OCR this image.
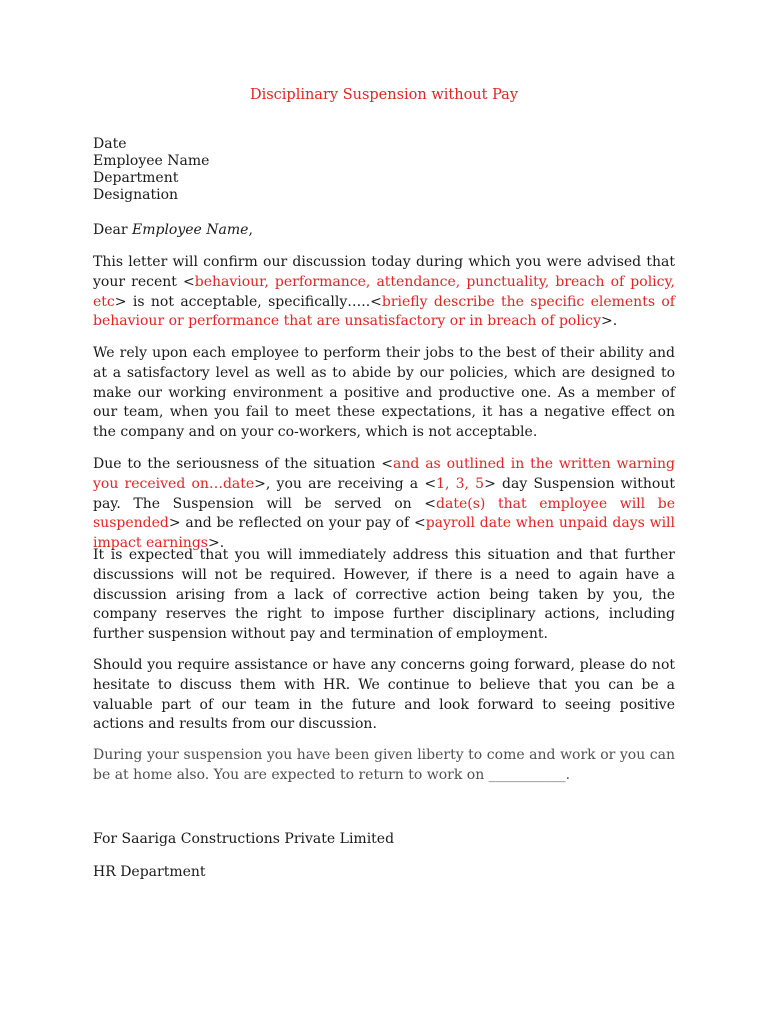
Disciplinary Suspension without Pay
Date
Employee Name
Department
Designation
Dear Employee Name,
This letter will confirm our discussion today during which you were advised that your recent <behaviour, performance, attendance, punctuality, breach of policy, etc> is not acceptable, specifically…..<briefly describe the specific elements of behaviour or performance that are unsatisfactory or in breach of policy>.
We rely upon each employee to perform their jobs to the best of their ability and at a satisfactory level as well as to abide by our policies, which are designed to make our working environment a positive and productive one. As a member of our team, when you fail to meet these expectations, it has a negative effect on the company and on your co-workers, which is not acceptable.
Due to the seriousness of the situation <and as outlined in the written warning you received on…date>, you are receiving a <1, 3, 5> day Suspension without pay. The Suspension will be served on <date(s) that employee will be suspended> and be reflected on your pay of <payroll date when unpaid days will impact earnings>.
It is expected that you will immediately address this situation and that further discussions will not be required. However, if there is a need to again have a discussion arising from a lack of corrective action being taken by you, the company reserves the right to impose further disciplinary actions, including further suspension without pay and termination of employment.
Should you require assistance or have any concerns going forward, please do not hesitate to discuss them with HR. We continue to believe that you can be a valuable part of our team in the future and look forward to seeing positive actions and results from our discussion.
During your suspension you have been given liberty to come and work or you can be at home also. You are expected to return to work on ___________.
For Saariga Constructions Private Limited
HR Department
